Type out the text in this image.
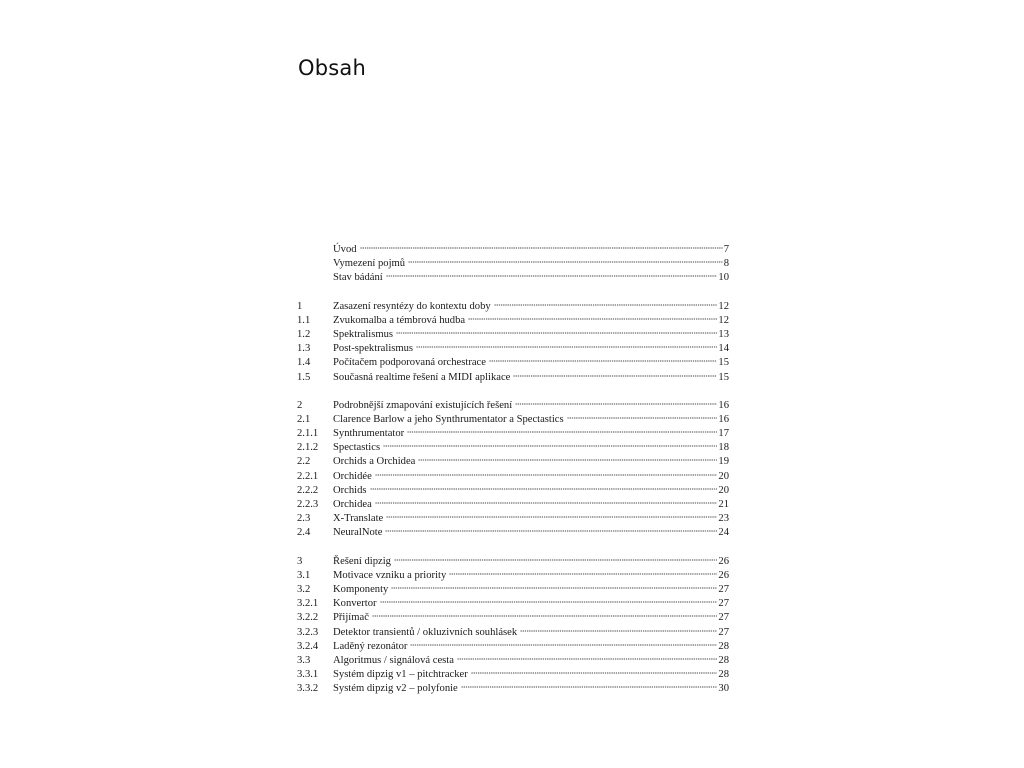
Obsah
Úvod	7
Vymezení pojmů	8
Stav bádání	10
1	Zasazení resyntézy do kontextu doby	12
1.1	Zvukomalba a témbrová hudba	12
1.2	Spektralismus	13
1.3	Post-spektralismus	14
1.4	Počítačem podporovaná orchestrace	15
1.5	Současná realtime řešení a MIDI aplikace	15
2	Podrobnější zmapování existujících řešení	16
2.1	Clarence Barlow a jeho Synthrumentator a Spectastics	16
2.1.1	Synthrumentator	17
2.1.2	Spectastics	18
2.2	Orchids a Orchidea	19
2.2.1	Orchidée	20
2.2.2	Orchids	20
2.2.3	Orchidea	21
2.3	X-Translate	23
2.4	NeuralNote	24
3	Řešení dipzig	26
3.1	Motivace vzniku a priority	26
3.2	Komponenty	27
3.2.1	Konvertor	27
3.2.2	Přijímač	27
3.2.3	Detektor transientů / okluzivních souhlásek	27
3.2.4	Laděný rezonátor	28
3.3	Algoritmus / signálová cesta	28
3.3.1	Systém dipzig v1 – pitchtracker	28
3.3.2	Systém dipzig v2 – polyfonie	30
